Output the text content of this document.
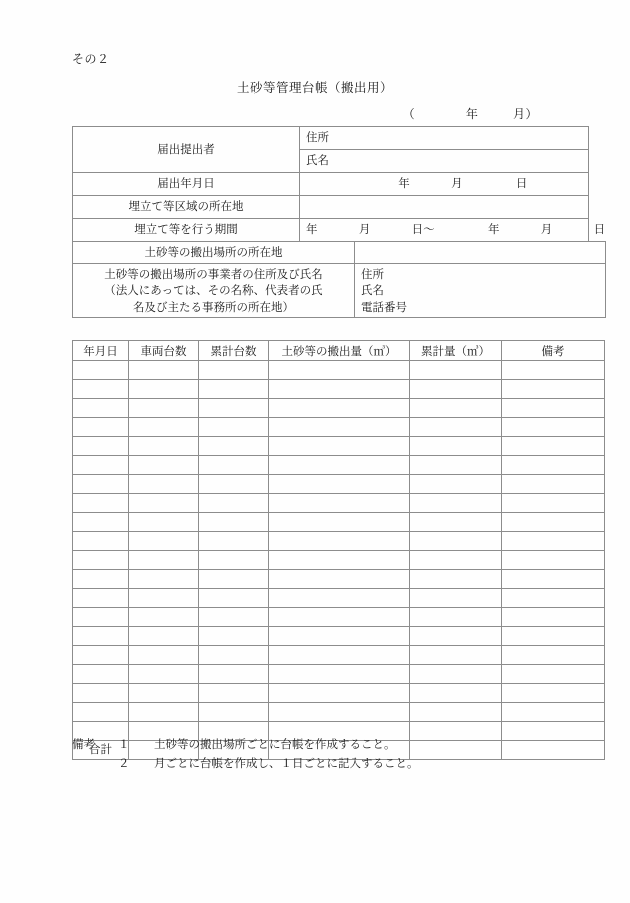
その２
土砂等管理台帳（搬出用）
（	年	月）
届出提出者	住所
	氏名
届出年月日	年 月 日
埋立て等区域の所在地	
埋立て等を行う期間	年 月 日～ 年 月 日
土砂等の搬出場所の所在地	

土砂等の搬出場所の事業者の住所及び氏名
（法人にあっては、その名称、代表者の氏
名及び主たる事務所の所在地）	住所
氏名
電話番号
年月日	車両台数	累計台数	土砂等の搬出量（㎥）	累計量（㎥）	備考

合計					
備考 １ 土砂等の搬出場所ごとに台帳を作成すること。
２ 月ごとに台帳を作成し、１日ごとに記入すること。
